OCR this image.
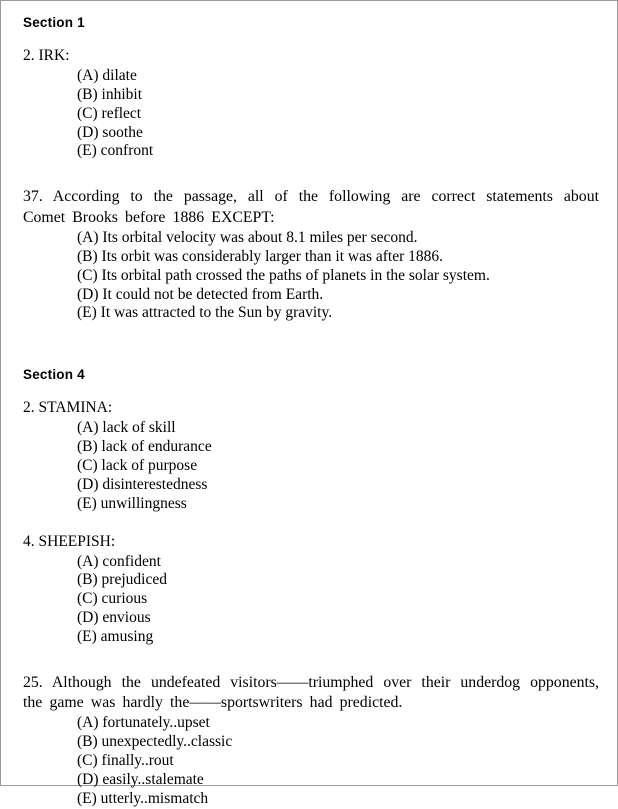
Section 1

2. IRK:

(A) dilate
(B) inhibit
(C) reflect
(D) soothe
(E) confront

37. According to the passage, all of the following are correct statements about Comet Brooks before 1886 EXCEPT:

(A) Its orbital velocity was about 8.1 miles per second.
(B) Its orbit was considerably larger than it was after 1886.
(C) Its orbital path crossed the paths of planets in the solar system.
(D) It could not be detected from Earth.
(E) It was attracted to the Sun by gravity.
Section 4

2. STAMINA:

(A) lack of skill
(B) lack of endurance
(C) lack of purpose
(D) disinterestedness
(E) unwillingness

4. SHEEPISH:

(A) confident
(B) prejudiced
(C) curious
(D) envious
(E) amusing

25. Although the undefeated visitors——triumphed over their underdog opponents, the game was hardly the——sportswriters had predicted.

(A) fortunately..upset
(B) unexpectedly..classic
(C) finally..rout
(D) easily..stalemate
(E) utterly..mismatch
